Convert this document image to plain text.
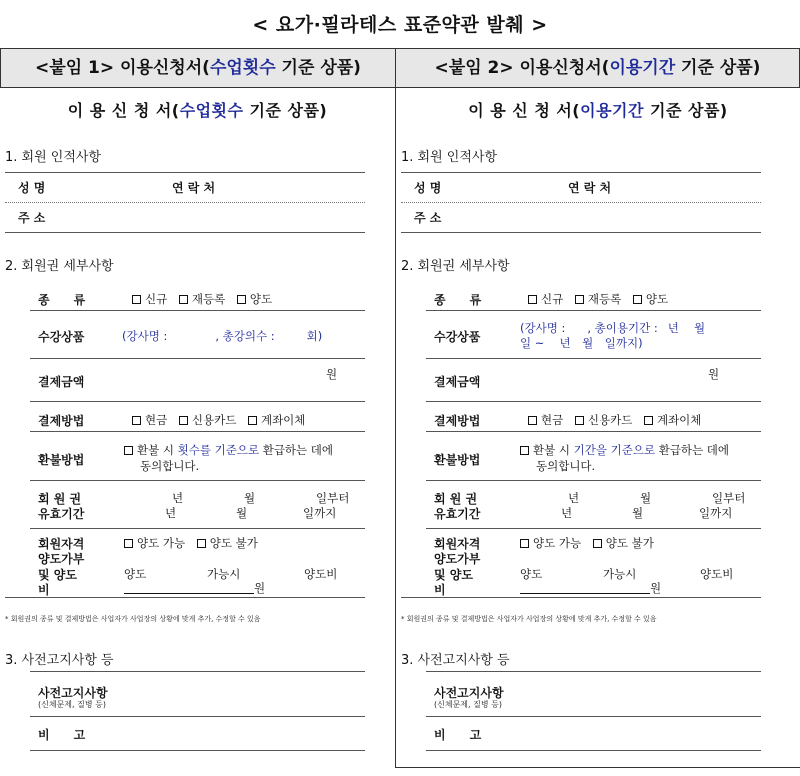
< 요가·필라테스 표준약관 발췌 >
<붙임 1> 이용신청서(수업횟수 기준 상품)	<붙임 2> 이용신청서(이용기간 기준 상품)
이 용 신 청 서(수업횟수 기준 상품)
1. 회원 인적사항
성 명	연 락 처
주 소
2. 회원권 세부사항
종　　류	신규 재등록 양도
수강상품	(강사명 :	, 총강의수 :	회)
결제금액
원
결제방법	현금 신용카드 계좌이체
환불방법
환불 시 횟수를 기준으로 환급하는 데에
동의합니다.
회 원 권
유효기간
년	월	일부터
년	월	일까지
회원자격
양도가부
및 양도
비
양도 가능 양도 불가
양도	가능시	양도비
원
* 회원권의 종류 및 결제방법은 사업자가 사업장의 상황에 맞게 추가, 수정할 수 있음
3. 사전고지사항 등
사전고지사항
(신체문제, 질병 등)
비　　고
이 용 신 청 서(이용기간 기준 상품)
1. 회원 인적사항
성 명	연 락 처
주 소
2. 회원권 세부사항
종　　류	신규 재등록 양도
수강상품
(강사명 : , 총이용기간 : 년　 월
일 ~　 년　월　일까지)
결제금액
원
결제방법	현금 신용카드 계좌이체
환불방법
환불 시 기간을 기준으로 환급하는 데에
동의합니다.
회 원 권
유효기간
년	월	일부터
년	월	일까지
회원자격
양도가부
및 양도
비
양도 가능 양도 불가
양도	가능시	양도비
원
* 회원권의 종류 및 결제방법은 사업자가 사업장의 상황에 맞게 추가, 수정할 수 있음
3. 사전고지사항 등
사전고지사항
(신체문제, 질병 등)
비　　고
